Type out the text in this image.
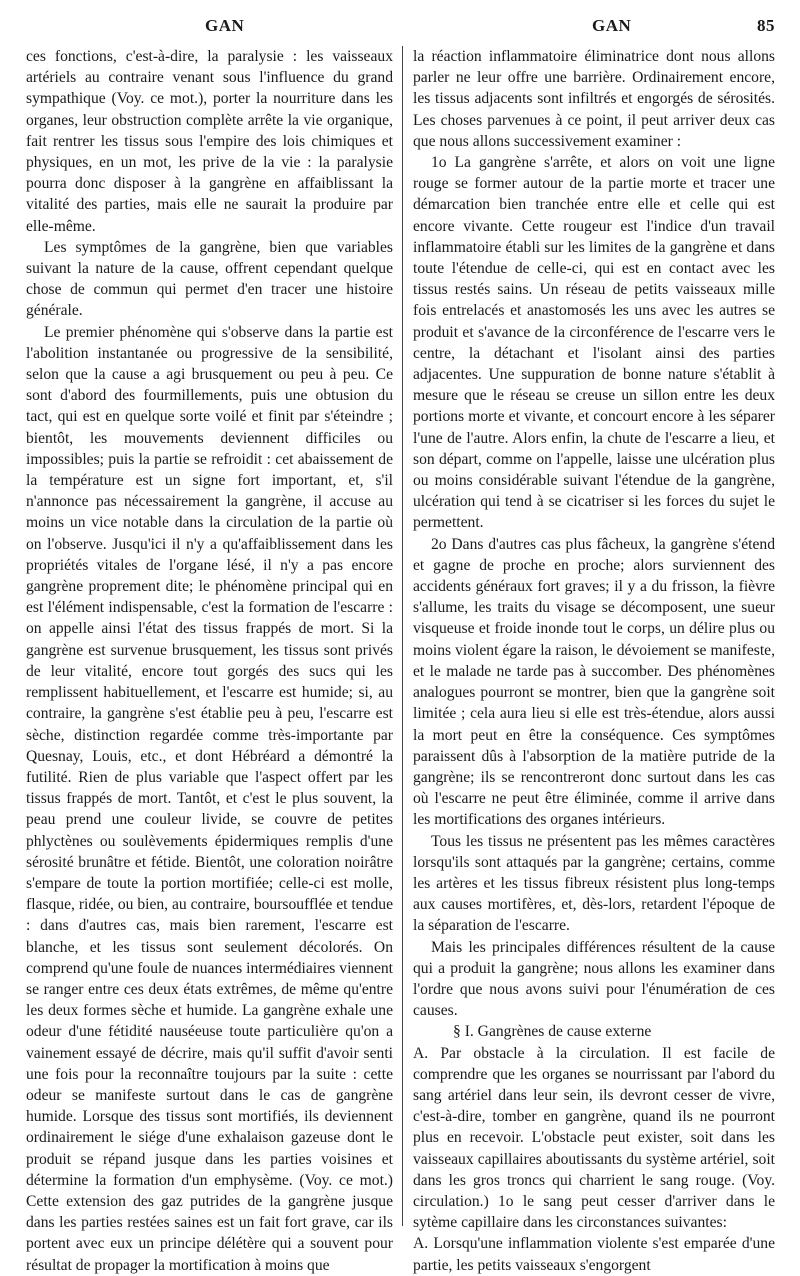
GAN	GAN	85

ces fonctions, c'est-à-dire, la paralysie : les vaisseaux artériels au contraire venant sous l'influence du grand sympathique (Voy. ce mot.), porter la nourriture dans les organes, leur obstruction complète arrête la vie organique, fait rentrer les tissus sous l'empire des lois chimiques et physiques, en un mot, les prive de la vie : la paralysie pourra donc disposer à la gangrène en affaiblissant la vitalité des parties, mais elle ne saurait la produire par elle-même.

Les symptômes de la gangrène, bien que variables suivant la nature de la cause, offrent cependant quelque chose de commun qui permet d'en tracer une histoire générale.

Le premier phénomène qui s'observe dans la partie est l'abolition instantanée ou progressive de la sensibilité, selon que la cause a agi brusquement ou peu à peu. Ce sont d'abord des fourmillements, puis une obtusion du tact, qui est en quelque sorte voilé et finit par s'éteindre ; bientôt, les mouvements deviennent difficiles ou impossibles; puis la partie se refroidit : cet abaissement de la température est un signe fort important, et, s'il n'annonce pas nécessairement la gangrène, il accuse au moins un vice notable dans la circulation de la partie où on l'observe. Jusqu'ici il n'y a qu'affaiblissement dans les propriétés vitales de l'organe lésé, il n'y a pas encore gangrène proprement dite; le phénomène principal qui en est l'élément indispensable, c'est la formation de l'escarre : on appelle ainsi l'état des tissus frappés de mort. Si la gangrène est survenue brusquement, les tissus sont privés de leur vitalité, encore tout gorgés des sucs qui les remplissent habituellement, et l'escarre est humide; si, au contraire, la gangrène s'est établie peu à peu, l'escarre est sèche, distinction regardée comme très-importante par Quesnay, Louis, etc., et dont Hébréard a démontré la futilité. Rien de plus variable que l'aspect offert par les tissus frappés de mort. Tantôt, et c'est le plus souvent, la peau prend une couleur livide, se couvre de petites phlyctènes ou soulèvements épidermiques remplis d'une sérosité brunâtre et fétide. Bientôt, une coloration noirâtre s'empare de toute la portion mortifiée; celle-ci est molle, flasque, ridée, ou bien, au contraire, boursoufflée et tendue : dans d'autres cas, mais bien rarement, l'escarre est blanche, et les tissus sont seulement décolorés. On comprend qu'une foule de nuances intermédiaires viennent se ranger entre ces deux états extrêmes, de même qu'entre les deux formes sèche et humide. La gangrène exhale une odeur d'une fétidité nauséeuse toute particulière qu'on a vainement essayé de décrire, mais qu'il suffit d'avoir senti une fois pour la reconnaître toujours par la suite : cette odeur se manifeste surtout dans le cas de gangrène humide. Lorsque des tissus sont mortifiés, ils deviennent ordinairement le siége d'une exhalaison gazeuse dont le produit se répand jusque dans les parties voisines et détermine la formation d'un emphysème. (Voy. ce mot.) Cette extension des gaz putrides de la gangrène jusque dans les parties restées saines est un fait fort grave, car ils portent avec eux un principe délétère qui a souvent pour résultat de propager la mortification à moins que

la réaction inflammatoire éliminatrice dont nous allons parler ne leur offre une barrière. Ordinairement encore, les tissus adjacents sont infiltrés et engorgés de sérosités. Les choses parvenues à ce point, il peut arriver deux cas que nous allons successivement examiner :

1o La gangrène s'arrête, et alors on voit une ligne rouge se former autour de la partie morte et tracer une démarcation bien tranchée entre elle et celle qui est encore vivante. Cette rougeur est l'indice d'un travail inflammatoire établi sur les limites de la gangrène et dans toute l'étendue de celle-ci, qui est en contact avec les tissus restés sains. Un réseau de petits vaisseaux mille fois entrelacés et anastomosés les uns avec les autres se produit et s'avance de la circonférence de l'escarre vers le centre, la détachant et l'isolant ainsi des parties adjacentes. Une suppuration de bonne nature s'établit à mesure que le réseau se creuse un sillon entre les deux portions morte et vivante, et concourt encore à les séparer l'une de l'autre. Alors enfin, la chute de l'escarre a lieu, et son départ, comme on l'appelle, laisse une ulcération plus ou moins considérable suivant l'étendue de la gangrène, ulcération qui tend à se cicatriser si les forces du sujet le permettent.

2o Dans d'autres cas plus fâcheux, la gangrène s'étend et gagne de proche en proche; alors surviennent des accidents généraux fort graves; il y a du frisson, la fièvre s'allume, les traits du visage se décomposent, une sueur visqueuse et froide inonde tout le corps, un délire plus ou moins violent égare la raison, le dévoiement se manifeste, et le malade ne tarde pas à succomber. Des phénomènes analogues pourront se montrer, bien que la gangrène soit limitée ; cela aura lieu si elle est très-étendue, alors aussi la mort peut en être la conséquence. Ces symptômes paraissent dûs à l'absorption de la matière putride de la gangrène; ils se rencontreront donc surtout dans les cas où l'escarre ne peut être éliminée, comme il arrive dans les mortifications des organes intérieurs.

Tous les tissus ne présentent pas les mêmes caractères lorsqu'ils sont attaqués par la gangrène; certains, comme les artères et les tissus fibreux résistent plus long-temps aux causes mortifères, et, dès-lors, retardent l'époque de la séparation de l'escarre.

Mais les principales différences résultent de la cause qui a produit la gangrène; nous allons les examiner dans l'ordre que nous avons suivi pour l'énumération de ces causes.

§ I. Gangrènes de cause externe

A. Par obstacle à la circulation. Il est facile de comprendre que les organes se nourrissant par l'abord du sang artériel dans leur sein, ils devront cesser de vivre, c'est-à-dire, tomber en gangrène, quand ils ne pourront plus en recevoir. L'obstacle peut exister, soit dans les vaisseaux capillaires aboutissants du système artériel, soit dans les gros troncs qui charrient le sang rouge. (Voy. circulation.) 1o le sang peut cesser d'arriver dans le sytème capillaire dans les circonstances suivantes:

A. Lorsqu'une inflammation violente s'est emparée d'une partie, les petits vaisseaux s'engorgent
